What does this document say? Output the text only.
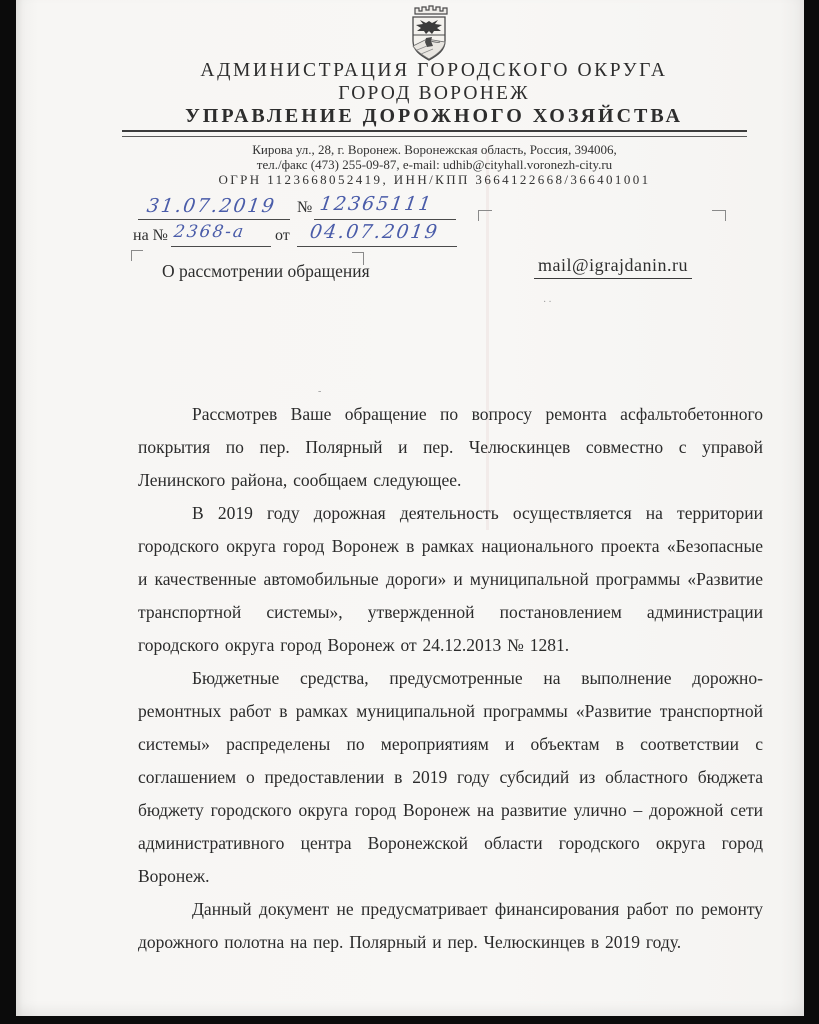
АДМИНИСТРАЦИЯ ГОРОДСКОГО ОКРУГА
ГОРОД ВОРОНЕЖ
УПРАВЛЕНИЕ ДОРОЖНОГО ХОЗЯЙСТВА
Кирова ул., 28, г. Воронеж. Воронежская область, Россия, 394006,
тел./факс (473) 255-09-87, e-mail: udhib@cityhall.voronezh-city.ru
ОГРН 1123668052419, ИНН/КПП 3664122668/366401001
31.07.2019 № 12365111
на № 2368-а от 04.07.2019
mail@igrajdanin.ru
··
О рассмотрении обращения
-

Рассмотрев Ваше обращение по вопросу ремонта асфальтобетонного покрытия по пер. Полярный и пер. Челюскинцев совместно с управой Ленинского района, сообщаем следующее.

В 2019 году дорожная деятельность осуществляется на территории городского округа город Воронеж в рамках национального проекта «Безопасные и качественные автомобильные дороги» и муниципальной программы «Развитие транспортной системы», утвержденной постановлением администрации городского округа город Воронеж от 24.12.2013 № 1281.

Бюджетные средства, предусмотренные на выполнение дорожно-ремонтных работ в рамках муниципальной программы «Развитие транспортной системы» распределены по мероприятиям и объектам в соответствии с соглашением о предоставлении в 2019 году субсидий из областного бюджета бюджету городского округа город Воронеж на развитие улично – дорожной сети административного центра Воронежской области городского округа город Воронеж.

Данный документ не предусматривает финансирования работ по ремонту дорожного полотна на пер. Полярный и пер. Челюскинцев в 2019 году.
